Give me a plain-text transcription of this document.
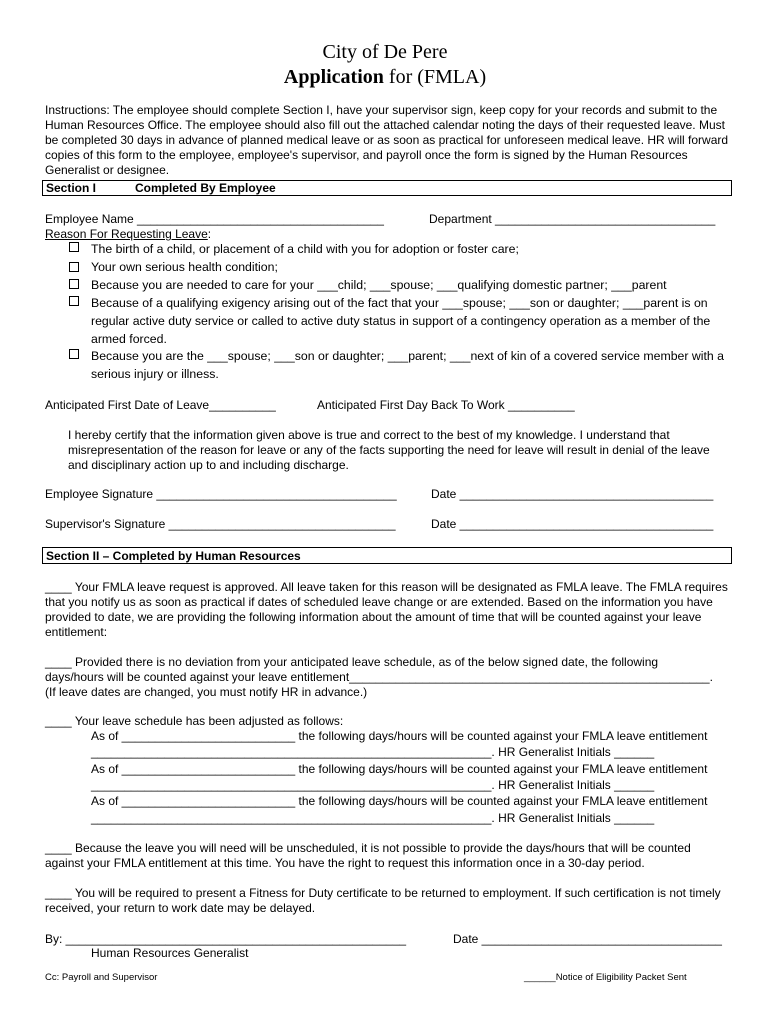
City of De Pere
Application for (FMLA)
Instructions: The employee should complete Section I, have your supervisor sign, keep copy for your records and submit to the Human Resources Office. The employee should also fill out the attached calendar noting the days of their requested leave. Must be completed 30 days in advance of planned medical leave or as soon as practical for unforeseen medical leave. HR will forward copies of this form to the employee, employee's supervisor, and payroll once the form is signed by the Human Resources Generalist or designee.
Section I	Completed By Employee
Employee Name _____________________________________	Department _________________________________
Reason For Requesting Leave:
The birth of a child, or placement of a child with you for adoption or foster care;
Your own serious health condition;
Because you are needed to care for your ___child; ___spouse; ___qualifying domestic partner; ___parent
Because of a qualifying exigency arising out of the fact that your ___spouse; ___son or daughter; ___parent is on
regular active duty service or called to active duty status in support of a contingency operation as a member of the
armed forced.
Because you are the ___spouse; ___son or daughter; ___parent; ___next of kin of a covered service member with a
serious injury or illness.
Anticipated First Date of Leave__________	Anticipated First Day Back To Work __________
I hereby certify that the information given above is true and correct to the best of my knowledge. I understand that misrepresentation of the reason for leave or any of the facts supporting the need for leave will result in denial of the leave and disciplinary action up to and including discharge.
Employee Signature ____________________________________	Date ______________________________________
Supervisor's Signature __________________________________	Date ______________________________________
Section II – Completed by Human Resources
____ Your FMLA leave request is approved. All leave taken for this reason will be designated as FMLA leave. The FMLA requires that you notify us as soon as practical if dates of scheduled leave change or are extended. Based on the information you have provided to date, we are providing the following information about the amount of time that will be counted against your leave entitlement:
____ Provided there is no deviation from your anticipated leave schedule, as of the below signed date, the following
days/hours will be counted against your leave entitlement______________________________________________________.
(If leave dates are changed, you must notify HR in advance.)
____ Your leave schedule has been adjusted as follows:
As of __________________________ the following days/hours will be counted against your FMLA leave entitlement
____________________________________________________________. HR Generalist Initials ______
As of __________________________ the following days/hours will be counted against your FMLA leave entitlement
____________________________________________________________. HR Generalist Initials ______
As of __________________________ the following days/hours will be counted against your FMLA leave entitlement
____________________________________________________________. HR Generalist Initials ______
____ Because the leave you will need will be unscheduled, it is not possible to provide the days/hours that will be counted against your FMLA entitlement at this time. You have the right to request this information once in a 30-day period.
____ You will be required to present a Fitness for Duty certificate to be returned to employment. If such certification is not timely received, your return to work date may be delayed.
By: ___________________________________________________	Date ____________________________________
Human Resources Generalist
Cc: Payroll and Supervisor	______Notice of Eligibility Packet Sent
